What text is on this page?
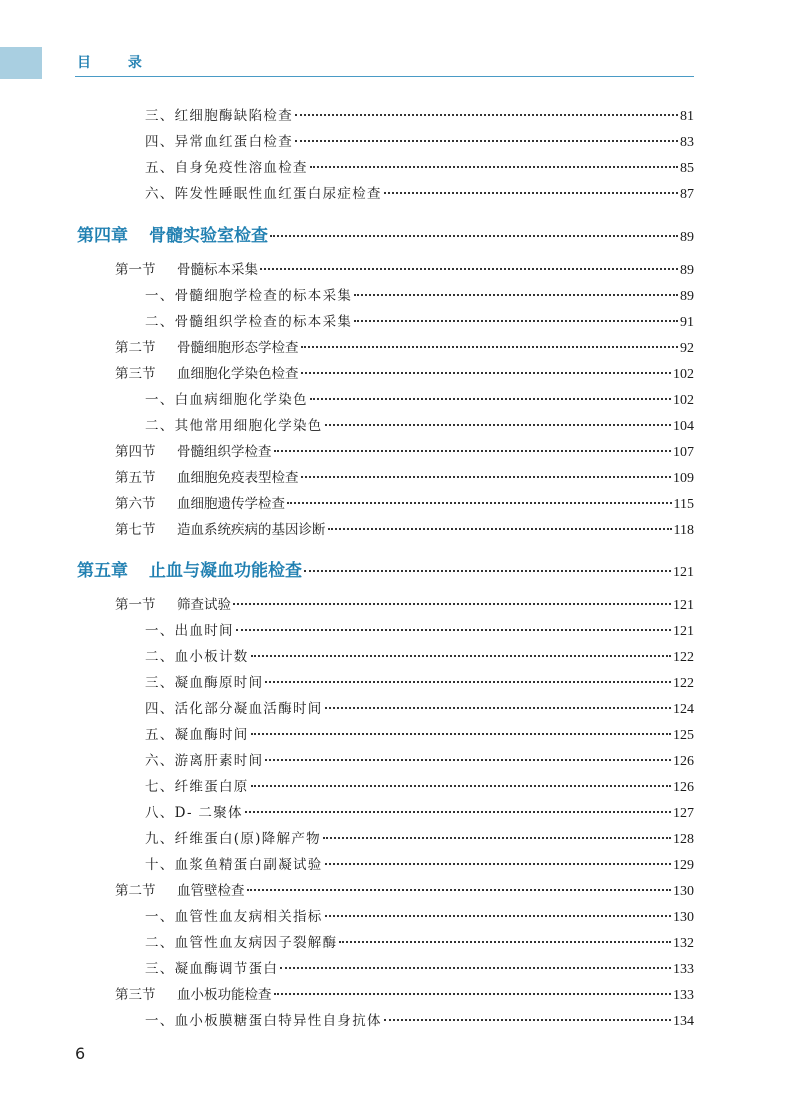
目 录
三、红细胞酶缺陷检查	81
四、异常血红蛋白检查	83
五、自身免疫性溶血检查	85
六、阵发性睡眠性血红蛋白尿症检查	87
第四章 骨髓实验室检查	89
第一节 骨髓标本采集	89
一、骨髓细胞学检查的标本采集	89
二、骨髓组织学检查的标本采集	91
第二节 骨髓细胞形态学检查	92
第三节 血细胞化学染色检查	102
一、白血病细胞化学染色	102
二、其他常用细胞化学染色	104
第四节 骨髓组织学检查	107
第五节 血细胞免疫表型检查	109
第六节 血细胞遗传学检查	115
第七节 造血系统疾病的基因诊断	118
第五章 止血与凝血功能检查	121
第一节 筛查试验	121
一、出血时间	121
二、血小板计数	122
三、凝血酶原时间	122
四、活化部分凝血活酶时间	124
五、凝血酶时间	125
六、游离肝素时间	126
七、纤维蛋白原	126
八、D- 二聚体	127
九、纤维蛋白(原)降解产物	128
十、血浆鱼精蛋白副凝试验	129
第二节 血管壁检查	130
一、血管性血友病相关指标	130
二、血管性血友病因子裂解酶	132
三、凝血酶调节蛋白	133
第三节 血小板功能检查	133
一、血小板膜糖蛋白特异性自身抗体	134
6
